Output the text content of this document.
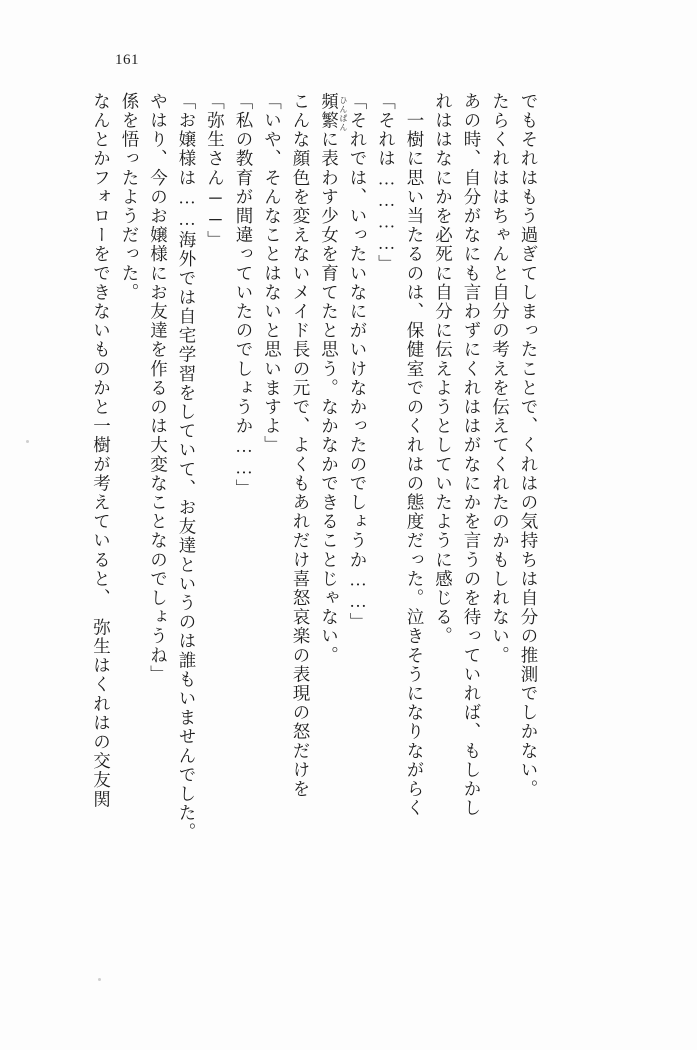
161
なんとかフォローをできないものかと一樹が考えていると、　弥生はくれはの交友関 係を悟ったようだった。 やはり、今のお嬢様にお友達を作るのは大変なことなのでしょうね」 「お嬢様は……海外では自宅学習をしていて、お友達というのは誰もいませんでした。 「弥生さん──」 「私の教育が間違っていたのでしょうか……」 「いや、そんなことはないと思いますよ」 こんな顔色を変えないメイド長の元で、よくもあれだけ喜怒哀楽の表現の怒だけを 頻繁に表わす少女を育てたと思う。なかなかできることじゃない。 「それでは、いったいなにがいけなかったのでしょうか……」 「それは…………」 　一樹に思い当たるのは、保健室でのくれはの態度だった。泣きそうになりながらく れははなにかを必死に自分に伝えようとしていたように感じる。 あの時、自分がなにも言わずにくれははがなにかを言うのを待っていれば、もしかし たらくれははちゃんと自分の考えを伝えてくれたのかもしれない。 でもそれはもう過ぎてしまったことで、くれはの気持ちは自分の推測でしかない。
ひんぱん
